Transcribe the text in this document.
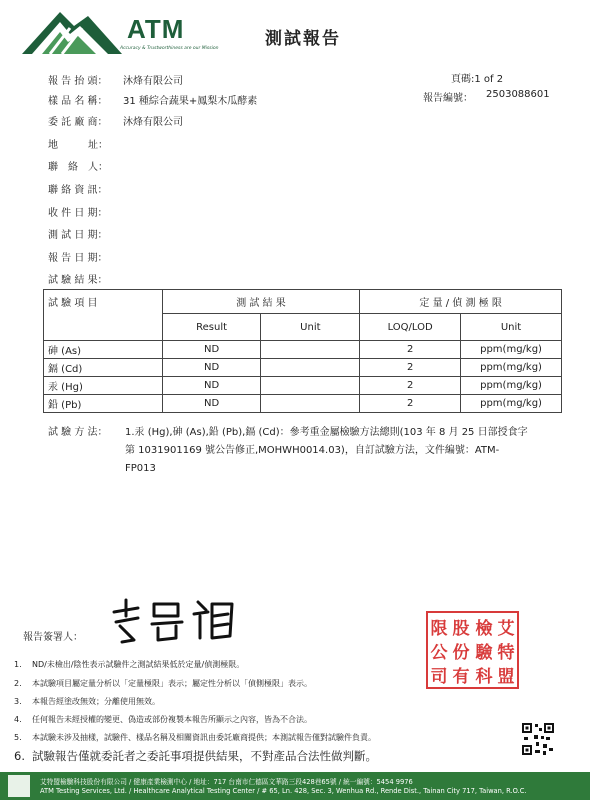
ATM
Accuracy & Trustworthiness are our Mission	測試報告
報 告 抬 頭： 沐烽有限公司
樣 品 名 稱： 31 種綜合蔬果+鳳梨木瓜酵素
委 託 廠 商： 沐烽有限公司
地　　　址：
聯　絡　人：
聯 絡 資 訊：
收 件 日 期：
測 試 日 期：
報 告 日 期：
試 驗 結 果：
頁碼:1 of 2
報告編號： 2503088601
試 驗 項 目	測 試 結 果		定 量 / 偵 測 極 限	
	Result	Unit	LOQ/LOD	Unit
砷 (As)	ND		2	ppm(mg/kg)
鎘 (Cd)	ND		2	ppm(mg/kg)
汞 (Hg)	ND		2	ppm(mg/kg)
鉛 (Pb)	ND		2	ppm(mg/kg)
試 驗 方 法： 1.汞 (Hg),砷 (As),鉛 (Pb),鎘 (Cd)：參考重金屬檢驗方法總則(103 年 8 月 25 日部授食字
第 1031901169 號公告修正,MOHWH0014.03)，自訂試驗方法，文件編號：ATM-
FP013
報告簽署人：	限 股 檢 艾
公 份 驗 特
司 有 科 盟
1. ND/未檢出/陰性表示試驗件之測試結果低於定量/偵測極限。
2. 本試驗項目屬定量分析以「定量極限」表示；屬定性分析以「偵側極限」表示。
3. 本報告經塗改無效；分離使用無效。
4. 任何報告未經授權的變更、偽造或部份複製本報告所顯示之內容，皆為不合法。
5. 本試驗未涉及抽樣，試驗件、樣品名稱及相關資訊由委託廠商提供；本測試報告僅對試驗件負責。
6. 試驗報告僅就委託者之委託事項提供結果，不對產品合法性做判斷。
艾特盟檢驗科技股份有限公司 / 健康產業檢測中心 / 地址：717 台南市仁德區文華路三段428巷65號 / 統一編號：5454 9976
ATM Testing Services, Ltd. / Healthcare Analytical Testing Center / # 65, Ln. 428, Sec. 3, Wenhua Rd., Rende Dist., Tainan City 717, Taiwan, R.O.C.
